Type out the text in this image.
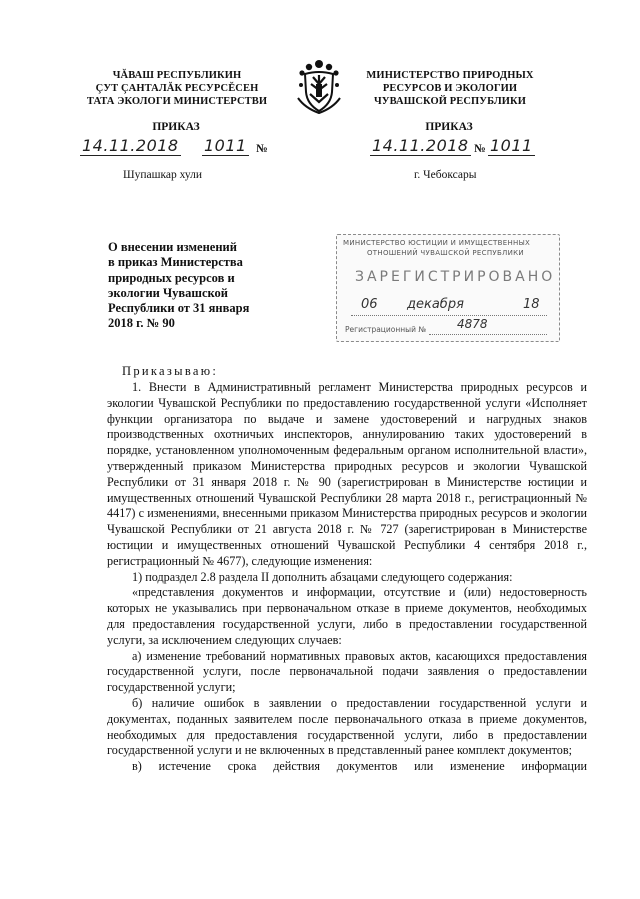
ЧĂВАШ РЕСПУБЛИКИН
ÇУТ ÇАНТАЛĂК РЕСУРСĔСЕН
ТАТА ЭКОЛОГИ МИНИСТЕРСТВИ
МИНИСТЕРСТВО ПРИРОДНЫХ
РЕСУРСОВ И ЭКОЛОГИИ
ЧУВАШСКОЙ РЕСПУБЛИКИ
ПРИКАЗ
14.11.2018 1011 №
Шупашкар хули
ПРИКАЗ
14.11.2018 № 1011
г. Чебоксары
О внесении изменений
в приказ Министерства
природных ресурсов и
экологии Чувашской
Республики от 31 января
2018 г. № 90
МИНИСТЕРСТВО ЮСТИЦИИ И ИМУЩЕСТВЕННЫХ
ОТНОШЕНИЙ ЧУВАШСКОЙ РЕСПУБЛИКИ
ЗАРЕГИСТРИРОВАНО
06 декабря	18
Регистрационный №	4878
Приказываю:

1. Внести в Административный регламент Министерства природных ресурсов и экологии Чувашской Республики по предоставлению государственной услуги «Исполняет функции организатора по выдаче и замене удостоверений и нагрудных знаков производственных охотничьих инспекторов, аннулированию таких удостоверений в порядке, установленном уполномоченным федеральным органом исполнительной власти», утвержденный приказом Министерства природных ресурсов и экологии Чувашской Республики от 31 января 2018 г. № 90 (зарегистрирован в Министерстве юстиции и имущественных отношений Чувашской Республики 28 марта 2018 г., регистрационный № 4417) с изменениями, внесенными приказом Министерства природных ресурсов и экологии Чувашской Республики от 21 августа 2018 г. № 727 (зарегистрирован в Министерстве юстиции и имущественных отношений Чувашской Республики 4 сентября 2018 г., регистрационный № 4677), следующие изменения:

1) подраздел 2.8 раздела II дополнить абзацами следующего содержания:

«представления документов и информации, отсутствие и (или) недостоверность которых не указывались при первоначальном отказе в приеме документов, необходимых для предоставления государственной услуги, либо в предоставлении государственной услуги, за исключением следующих случаев:

а) изменение требований нормативных правовых актов, касающихся предоставления государственной услуги, после первоначальной подачи заявления о предоставлении государственной услуги;

б) наличие ошибок в заявлении о предоставлении государственной услуги и документах, поданных заявителем после первоначального отказа в приеме документов, необходимых для предоставления государственной услуги, либо в предоставлении государственной услуги и не включенных в представленный ранее комплект документов;

в) истечение срока действия документов или изменение информации
